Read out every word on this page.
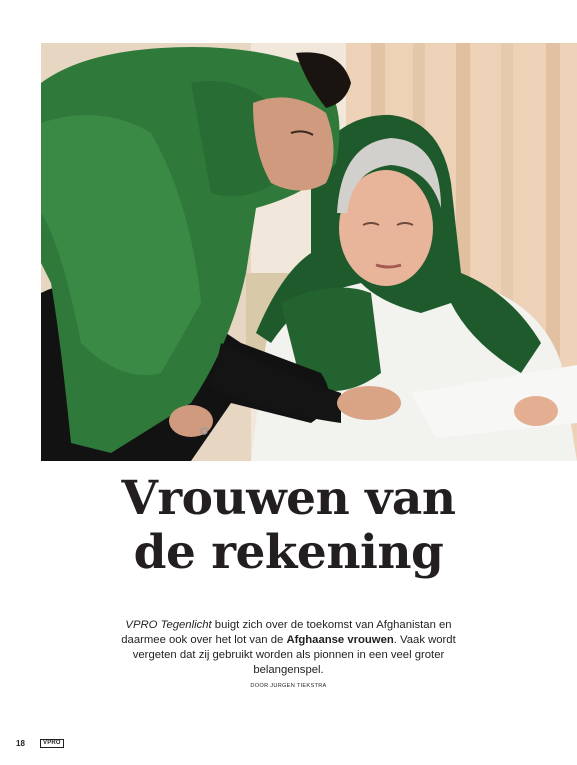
Vrouwen van
de rekening

VPRO Tegenlicht buigt zich over de toekomst van Afghanistan en daarmee ook over het lot van de Afghaanse vrouwen. Vaak wordt vergeten dat zij gebruikt worden als pionnen in een veel groter belangenspel.

DOOR JURGEN TIEKSTRA
18	VPRO
